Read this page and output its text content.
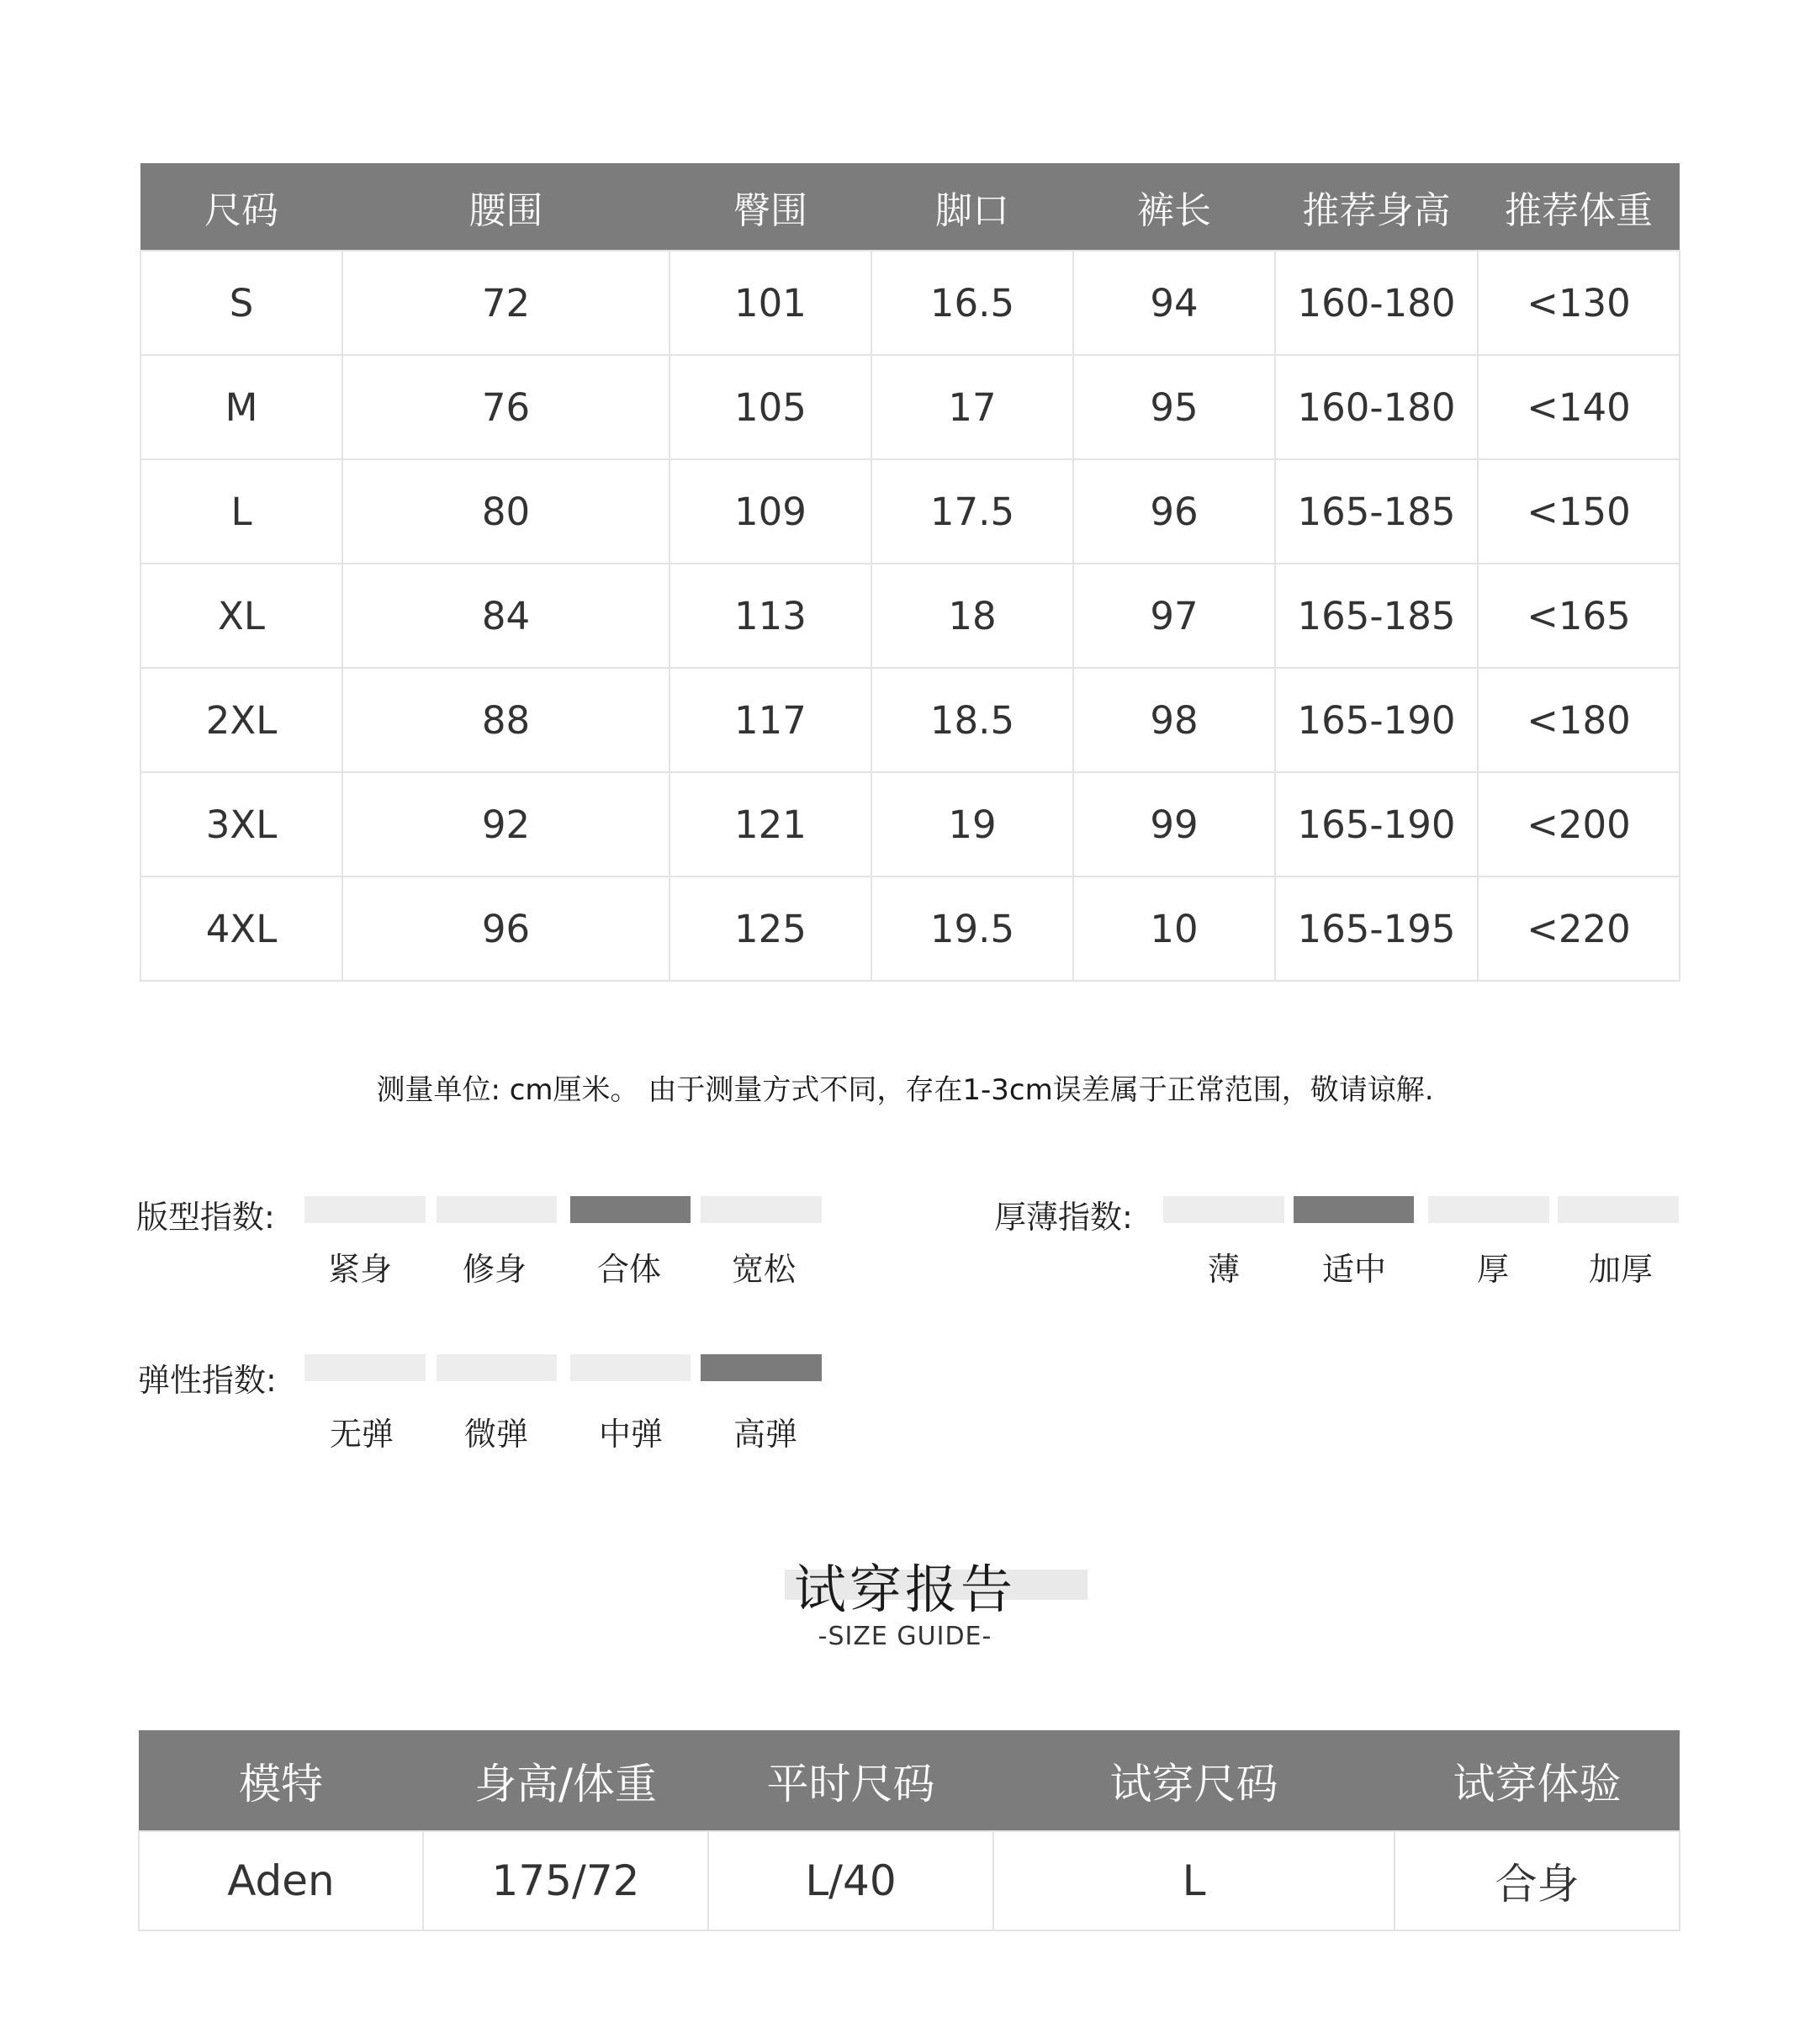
尺码	腰围	臀围	脚口	裤长	推荐身高	推荐体重
S	72	101	16.5	94	160-180	<130
M	76	105	17	95	160-180	<140
L	80	109	17.5	96	165-185	<150
XL	84	113	18	97	165-185	<165
2XL	88	117	18.5	98	165-190	<180
3XL	92	121	19	99	165-190	<200
4XL	96	125	19.5	10	165-195	<220
测量单位: cm厘米。 由于测量方式不同，存在1-3cm误差属于正常范围，敬请谅解.
版型指数:
紧身	修身	合体	宽松
厚薄指数:
薄	适中	厚	加厚
弹性指数:
无弹	微弹	中弹	高弹
试穿报告
-SIZE GUIDE-
模特	身高/体重	平时尺码	试穿尺码	试穿体验
Aden	175/72	L/40	L	合身
